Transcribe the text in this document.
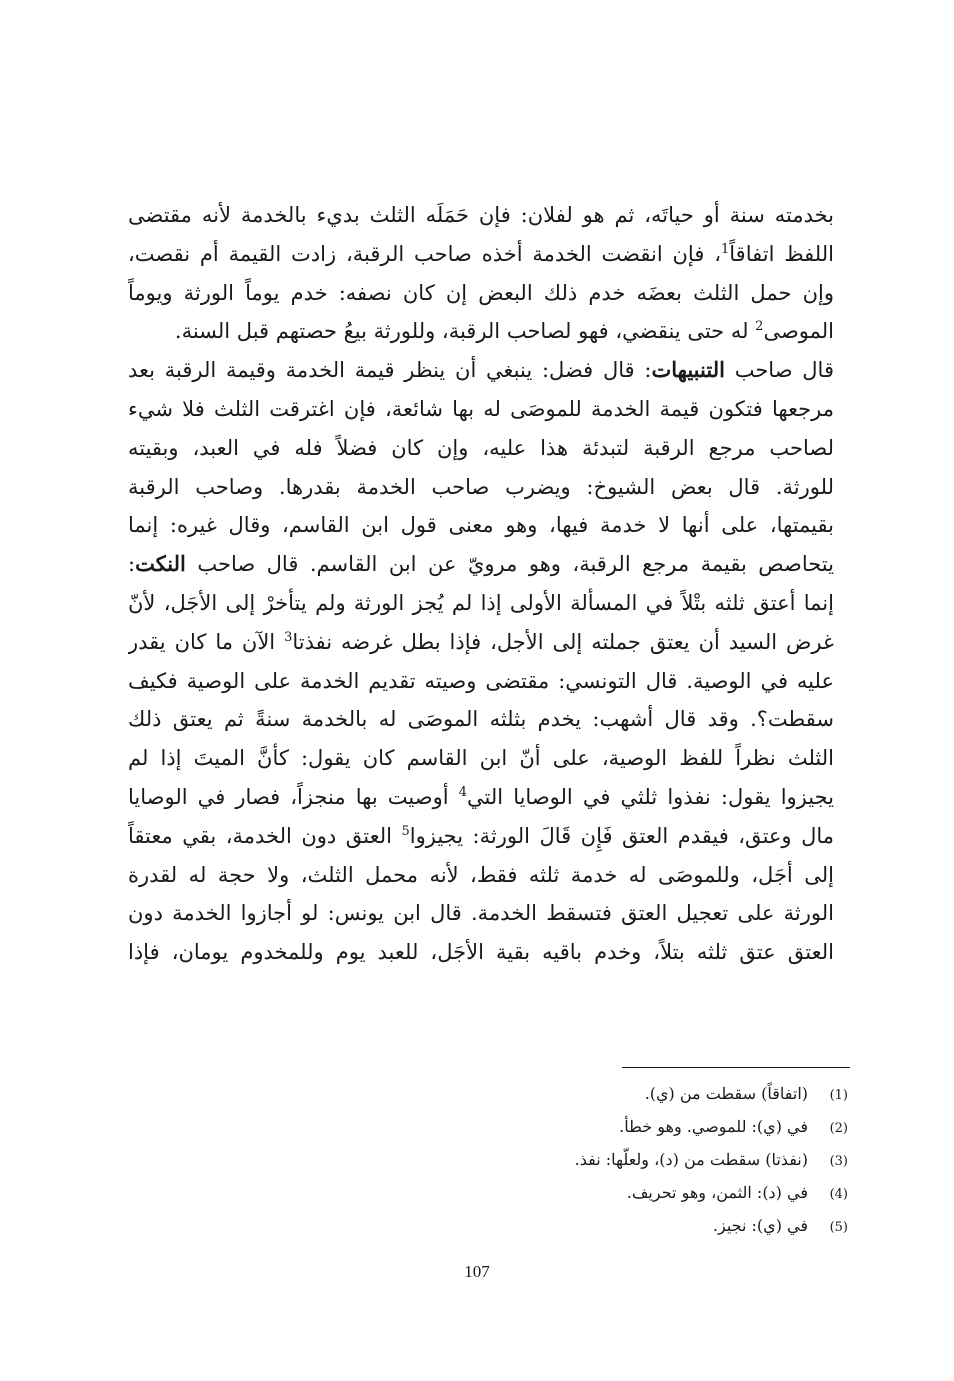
بخدمته سنة أو حياتَه، ثم هو لفلان: فإن حَمَلَه الثلث بديء بالخدمة لأنه مقتضى
اللفظ اتفاقاً$^1$، فإن انقضت الخدمة أخذه صاحب الرقبة، زادت القيمة أم نقصت،
وإن حمل الثلث بعضَه خدم ذلك البعض إن كان نصفه: خدم يوماً الورثة ويوماً
الموصى$^2$ له حتى ينقضي، فهو لصاحب الرقبة، وللورثة بيعُ حصتهم قبل السنة.
قال صاحب التنبيهات: قال فضل: ينبغي أن ينظر قيمة الخدمة وقيمة الرقبة بعد
مرجعها فتكون قيمة الخدمة للموصَى له بها شائعة، فإن اغترقت الثلث فلا شيء
لصاحب مرجع الرقبة لتبدئة هذا عليه، وإن كان فضلاً فله في العبد، وبقيته
للورثة. قال بعض الشيوخ: ويضرب صاحب الخدمة بقدرها. وصاحب الرقبة
بقيمتها، على أنها لا خدمة فيها، وهو معنى قول ابن القاسم، وقال غيره: إنما
يتحاصص بقيمة مرجع الرقبة، وهو مرويّ عن ابن القاسم. قال صاحب النكت:
إنما أعتق ثلثه بتْلاً في المسألة الأولى إذا لم يُجز الورثة ولم يتأخرْ إلى الأجَل، لأنّ
غرض السيد أن يعتق جملته إلى الأجل، فإذا بطل غرضه نفذتا$^3$ الآن ما كان يقدر
عليه في الوصية. قال التونسي: مقتضى وصيته تقديم الخدمة على الوصية فكيف
سقطت؟. وقد قال أشهب: يخدم بثلثه الموصَى له بالخدمة سنةً ثم يعتق ذلك
الثلث نظراً للفظ الوصية، على أنّ ابن القاسم كان يقول: كأنَّ الميتَ إذا لم
يجيزوا يقول: نفذوا ثلثي في الوصايا التي$^4$ أوصيت بها منجزاً، فصار في الوصايا
مال وعتق، فيقدم العتق فَإِن قَالَ الورثة: يجيزوا$^5$ العتق دون الخدمة، بقي معتقاً
إلى أجَل، وللموصَى له خدمة ثلثه فقط، لأنه محمل الثلث، ولا حجة له لقدرة
الورثة على تعجيل العتق فتسقط الخدمة. قال ابن يونس: لو أجازوا الخدمة دون
العتق عتق ثلثه بتلاً، وخدم باقيه بقية الأجَل، للعبد يوم وللمخدوم يومان، فإذا
(1)(اتفاقاً) سقطت من (ي).
(2)في (ي): للموصي. وهو خطأ.
(3)(نفذتا) سقطت من (د)، ولعلّها: نفذ.
(4)في (د): الثمن، وهو تحريف.
(5)في (ي): نجيز.
107
